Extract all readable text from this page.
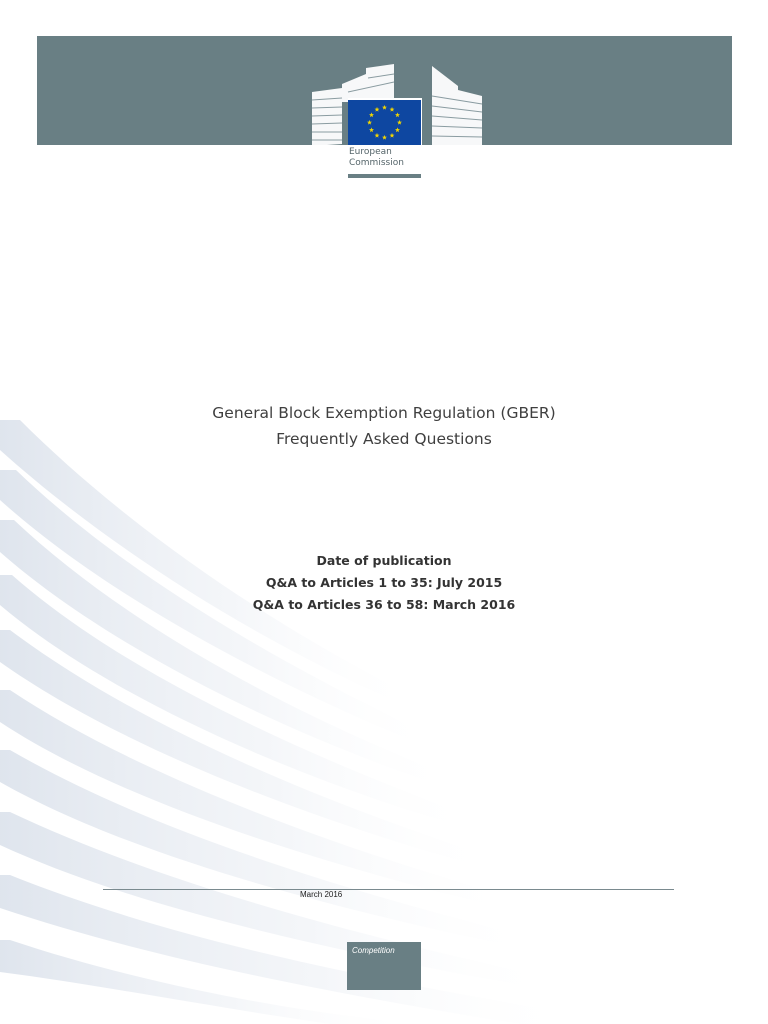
European
Commission
General Block Exemption Regulation (GBER)
Frequently Asked Questions
Date of publication
Q&A to Articles 1 to 35: July 2015
Q&A to Articles 36 to 58: March 2016
March 2016
Competition
